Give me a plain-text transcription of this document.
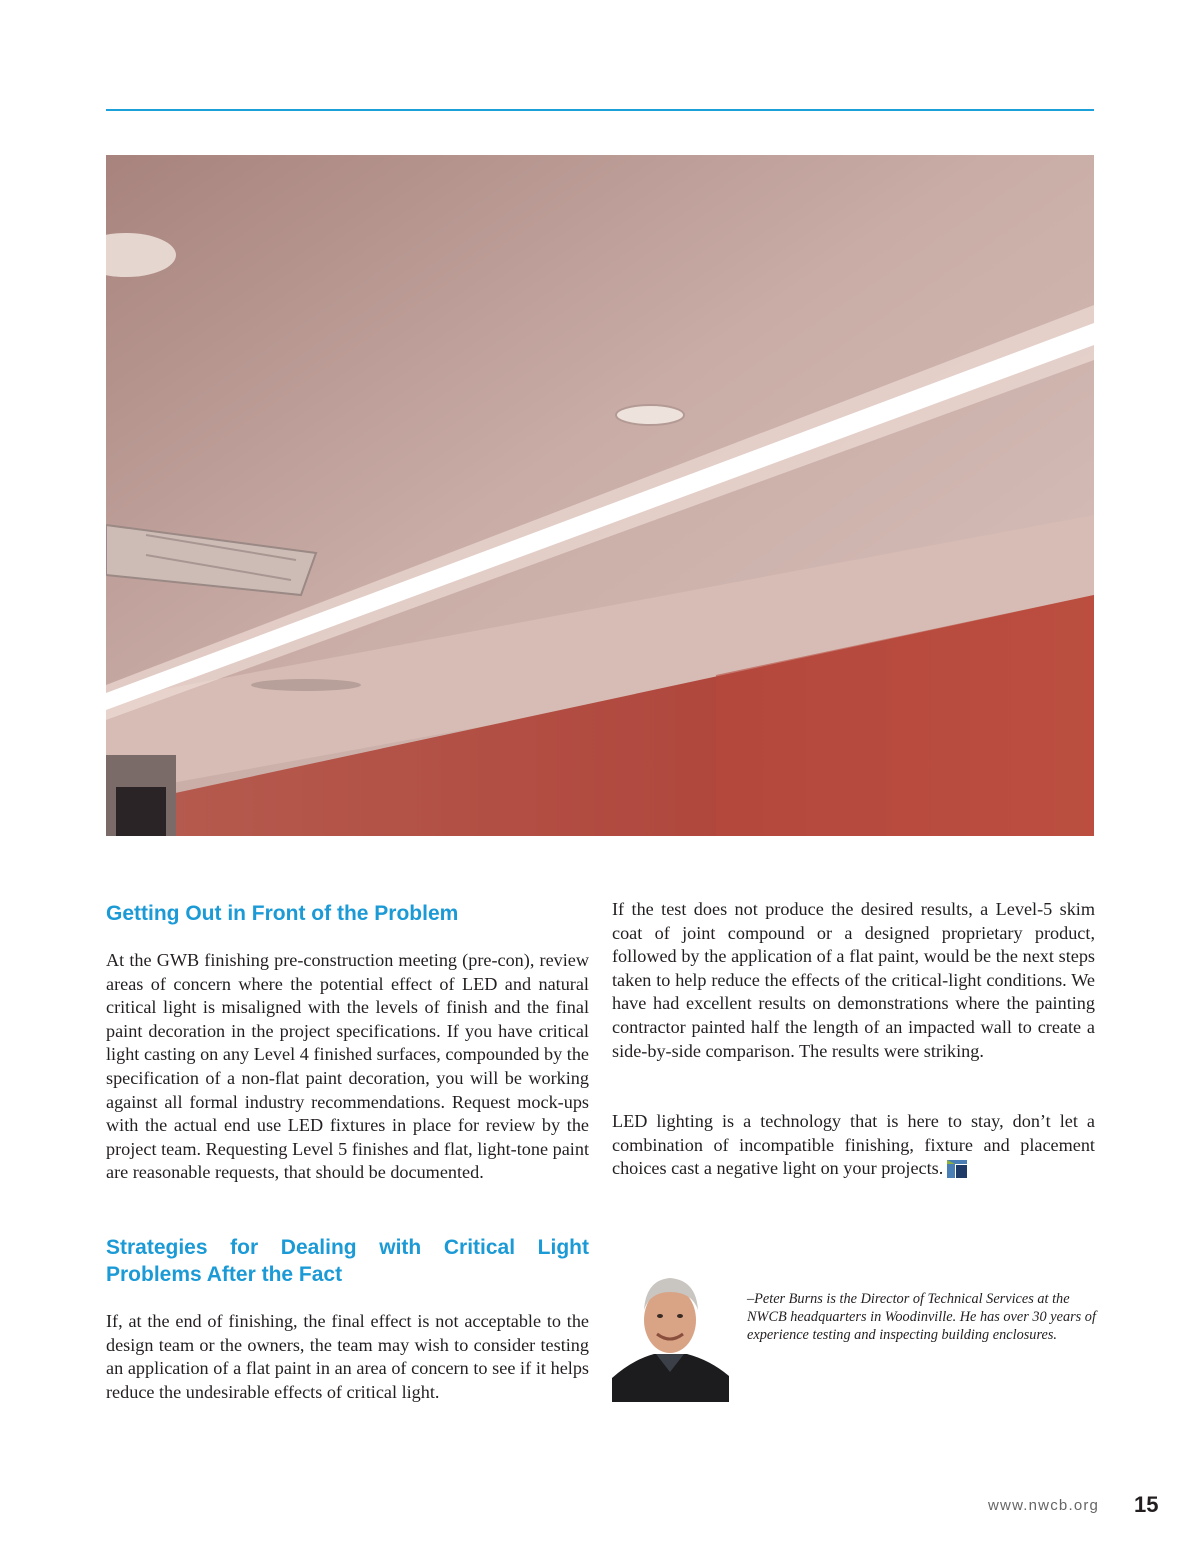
Getting Out in Front of the Problem

At the GWB finishing pre-construction meeting (pre-con), review areas of concern where the potential effect of LED and natural critical light is misaligned with the levels of finish and the final paint decoration in the project specifications. If you have critical light casting on any Level 4 finished surfaces, compounded by the specification of a non-flat paint decoration, you will be working against all formal industry recommendations. Request mock-ups with the actual end use LED fixtures in place for review by the project team. Requesting Level 5 finishes and flat, light-tone paint are reasonable requests, that should be documented.

Strategies for Dealing with Critical Light
Problems After the Fact

If, at the end of finishing, the final effect is not acceptable to the design team or the owners, the team may wish to consider testing an application of a flat paint in an area of concern to see if it helps reduce the undesirable effects of critical light.

If the test does not produce the desired results, a Level-5 skim coat of joint compound or a designed proprietary product, followed by the application of a flat paint, would be the next steps taken to help reduce the effects of the critical-light conditions. We have had excellent results on demonstrations where the painting contractor painted half the length of an impacted wall to create a side-by-side comparison. The results were striking.

LED lighting is a technology that is here to stay, don’t let a combination of incompatible finishing, fixture and placement choices cast a negative light on your projects.

–Peter Burns is the Director of Technical Services at the NWCB headquarters in Woodinville. He has over 30 years of experience testing and inspecting building enclosures.

www.nwcb.org 15
